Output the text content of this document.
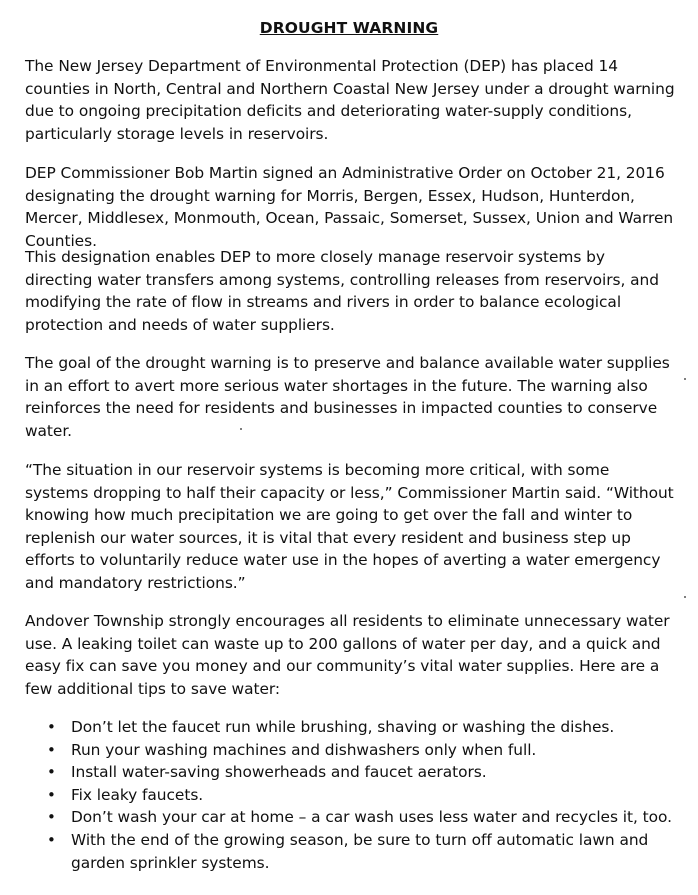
DROUGHT WARNING

The New Jersey Department of Environmental Protection (DEP) has placed 14 counties in North, Central and Northern Coastal New Jersey under a drought warning due to ongoing precipitation deficits and deteriorating water-supply conditions, particularly storage levels in reservoirs.

DEP Commissioner Bob Martin signed an Administrative Order on October 21, 2016 designating the drought warning for Morris, Bergen, Essex, Hudson, Hunterdon, Mercer, Middlesex, Monmouth, Ocean, Passaic, Somerset, Sussex, Union and Warren Counties.

This designation enables DEP to more closely manage reservoir systems by directing water transfers among systems, controlling releases from reservoirs, and modifying the rate of flow in streams and rivers in order to balance ecological protection and needs of water suppliers.

The goal of the drought warning is to preserve and balance available water supplies in an effort to avert more serious water shortages in the future. The warning also reinforces the need for residents and businesses in impacted counties to conserve water.

“The situation in our reservoir systems is becoming more critical, with some systems dropping to half their capacity or less,” Commissioner Martin said. “Without knowing how much precipitation we are going to get over the fall and winter to replenish our water sources, it is vital that every resident and business step up efforts to voluntarily reduce water use in the hopes of averting a water emergency and mandatory restrictions.”

Andover Township strongly encourages all residents to eliminate unnecessary water use. A leaking toilet can waste up to 200 gallons of water per day, and a quick and easy fix can save you money and our community’s vital water supplies. Here are a few additional tips to save water:

• Don’t let the faucet run while brushing, shaving or washing the dishes.
• Run your washing machines and dishwashers only when full.
• Install water-saving showerheads and faucet aerators.
• Fix leaky faucets.
• Don’t wash your car at home – a car wash uses less water and recycles it, too.
• With the end of the growing season, be sure to turn off automatic lawn and garden sprinkler systems.
